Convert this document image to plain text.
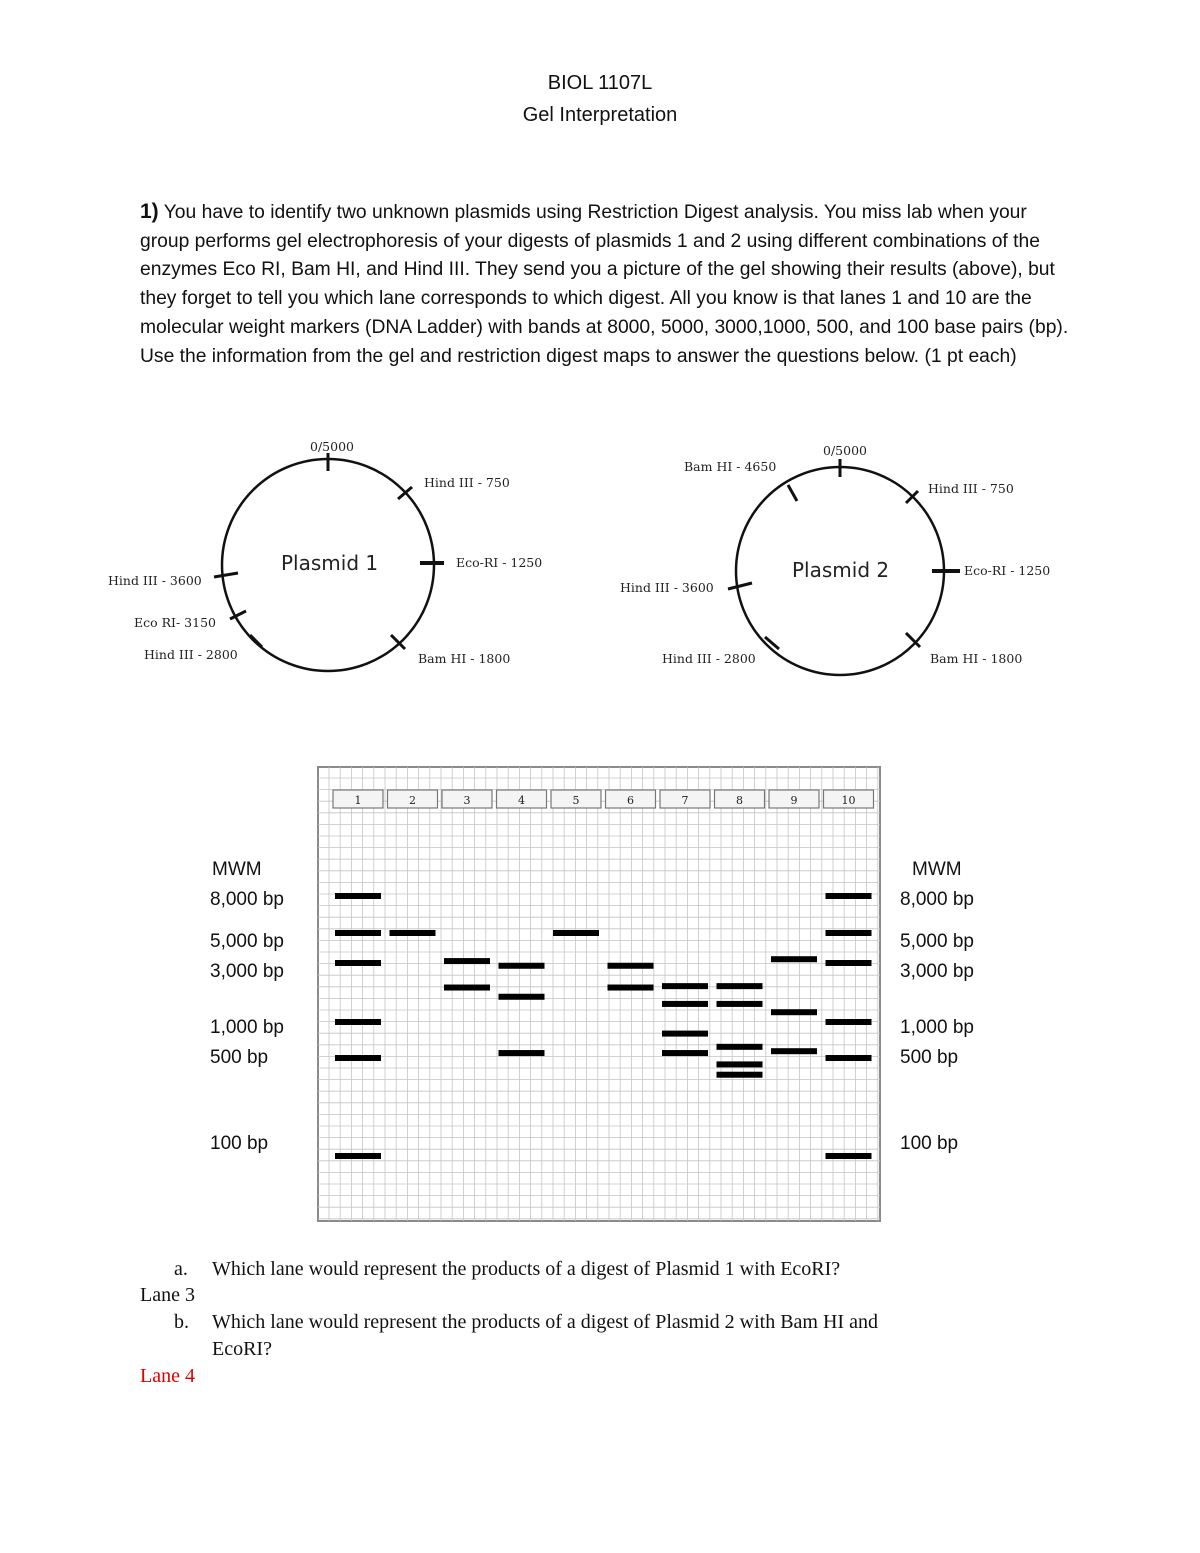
BIOL 1107L
Gel Interpretation
1) You have to identify two unknown plasmids using Restriction Digest analysis. You miss lab when your group performs gel electrophoresis of your digests of plasmids 1 and 2 using different combinations of the enzymes Eco RI, Bam HI, and Hind III. They send you a picture of the gel showing their results (above), but they forget to tell you which lane corresponds to which digest. All you know is that lanes 1 and 10 are the molecular weight markers (DNA Ladder) with bands at 8000, 5000, 3000,1000, 500, and 100 base pairs (bp). Use the information from the gel and restriction digest maps to answer the questions below. (1 pt each)
0/5000
Plasmid 1
Hind III - 750
Eco-RI - 1250
Bam HI - 1800
Hind III - 2800
Eco RI- 3150
Hind III - 3600
0/5000
Plasmid 2
Hind III - 750
Eco-RI - 1250
Bam HI - 1800
Hind III - 2800
Hind III - 3600
Bam HI - 4650
1	2	3	4	5	6	7	8	9	10
MWM
8,000 bp
5,000 bp
3,000 bp
1,000 bp
500 bp
100 bp
MWM
8,000 bp
5,000 bp
3,000 bp
1,000 bp
500 bp
100 bp
a. Which lane would represent the products of a digest of Plasmid 1 with EcoRI?
Lane 3
b. Which lane would represent the products of a digest of Plasmid 2 with Bam HI and
EcoRI?
Lane 4
